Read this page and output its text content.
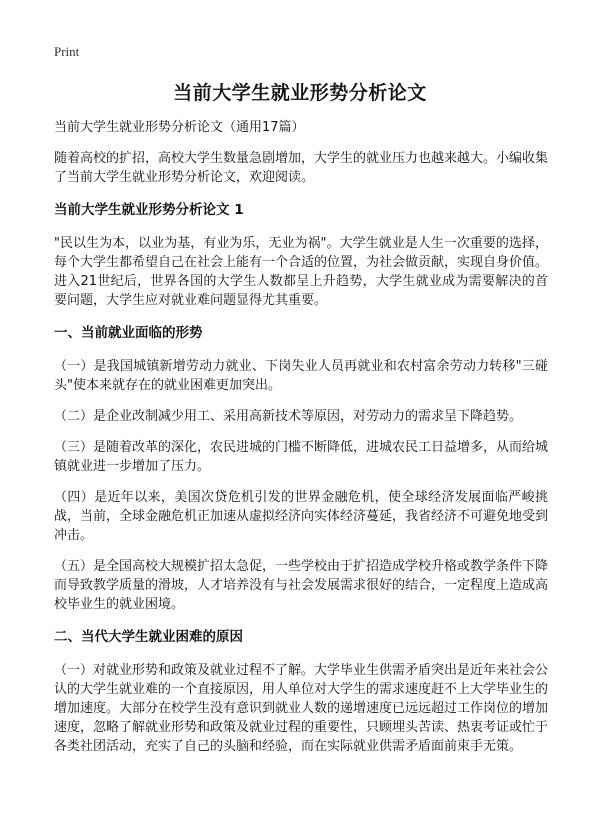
Print

当前大学生就业形势分析论文

当前大学生就业形势分析论文（通用17篇）

随着高校的扩招，高校大学生数量急剧增加，大学生的就业压力也越来越大。小编收集了当前大学生就业形势分析论文，欢迎阅读。

当前大学生就业形势分析论文 1

"民以生为本，以业为基，有业为乐，无业为祸"。大学生就业是人生一次重要的选择，每个大学生都希望自己在社会上能有一个合适的位置，为社会做贡献，实现自身价值。进入21世纪后，世界各国的大学生人数都呈上升趋势，大学生就业成为需要解决的首要问题，大学生应对就业难问题显得尤其重要。

一、当前就业面临的形势

（一）是我国城镇新增劳动力就业、下岗失业人员再就业和农村富余劳动力转移"三碰头"使本来就存在的就业困难更加突出。

（二）是企业改制减少用工、采用高新技术等原因，对劳动力的需求呈下降趋势。

（三）是随着改革的深化，农民进城的门槛不断降低，进城农民工日益增多，从而给城镇就业进一步增加了压力。

（四）是近年以来，美国次贷危机引发的世界金融危机，使全球经济发展面临严峻挑战，当前，全球金融危机正加速从虚拟经济向实体经济蔓延，我省经济不可避免地受到冲击。

（五）是全国高校大规模扩招太急促，一些学校由于扩招造成学校升格或教学条件下降而导致教学质量的滑坡，人才培养没有与社会发展需求很好的结合，一定程度上造成高校毕业生的就业困境。

二、当代大学生就业困难的原因

（一）对就业形势和政策及就业过程不了解。大学毕业生供需矛盾突出是近年来社会公认的大学生就业难的一个直接原因，用人单位对大学生的需求速度赶不上大学毕业生的增加速度。大部分在校学生没有意识到就业人数的递增速度已远远超过工作岗位的增加速度，忽略了解就业形势和政策及就业过程的重要性，只顾埋头苦读、热衷考证或忙于各类社团活动，充实了自己的头脑和经验，而在实际就业供需矛盾面前束手无策。
